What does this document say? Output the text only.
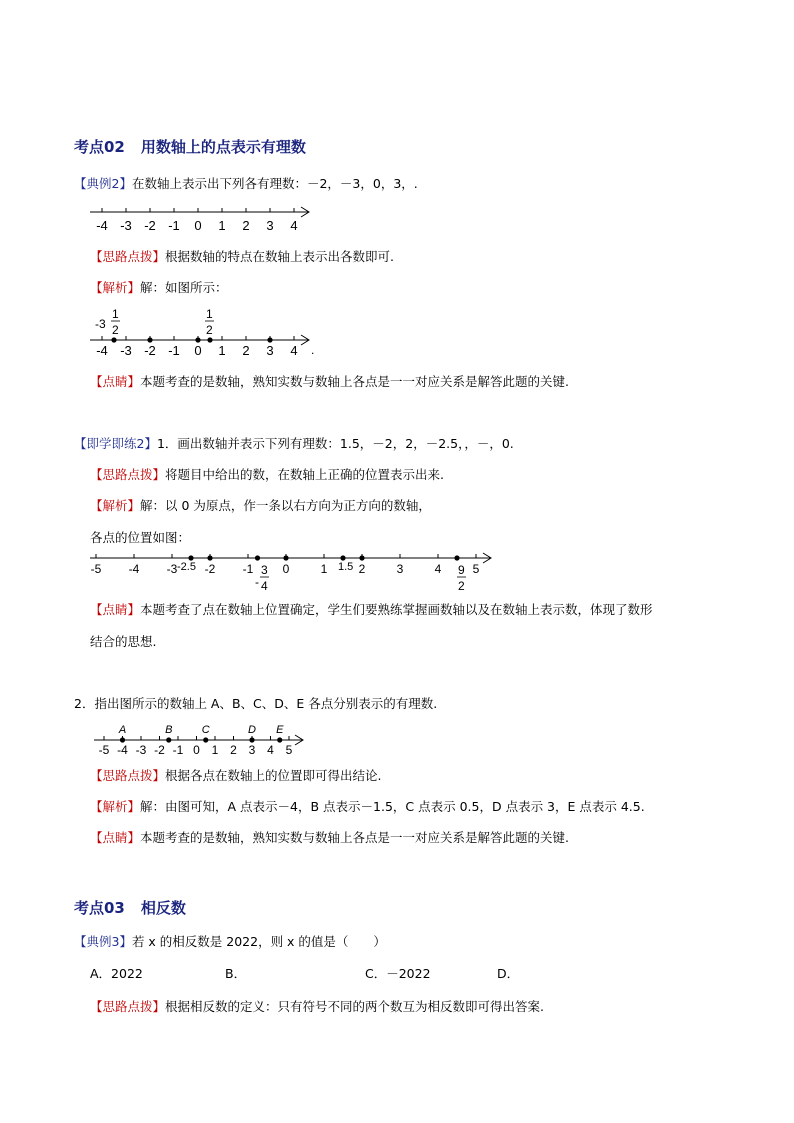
考点02 用数轴上的点表示有理数
【典例2】在数轴上表示出下列各有理数：－2，－3，0，3，.
-4 -3 -2 -1 0 1 2 3 4
【思路点拨】根据数轴的特点在数轴上表示出各数即可.
【解析】解：如图所示：
-4 -3 -2 -1 0 1 2 3 4
-3
1
2
1
2
.
【点睛】本题考查的是数轴，熟知实数与数轴上各点是一一对应关系是解答此题的关键.
【即学即练2】1．画出数轴并表示下列有理数：1.5，－2，2，－2.5，，－，0.
【思路点拨】将题目中给出的数，在数轴上正确的位置表示出来.
【解析】解：以 0 为原点，作一条以右方向为正方向的数轴，
各点的位置如图：
-5 -4 -3 -2 -1 0	1	2	3	4	5
-2.5	1.5
-
3
4
9
2
【点睛】本题考查了点在数轴上位置确定，学生们要熟练掌握画数轴以及在数轴上表示数，体现了数形
结合的思想.
2．指出图所示的数轴上 A、B、C、D、E 各点分别表示的有理数.
-5 -4 -3 -2 -1 0 1 2 3 4 5
A	B	C	D E
【思路点拨】根据各点在数轴上的位置即可得出结论.
【解析】解：由图可知，A 点表示－4，B 点表示－1.5，C 点表示 0.5，D 点表示 3，E 点表示 4.5.
【点睛】本题考查的是数轴，熟知实数与数轴上各点是一一对应关系是解答此题的关键.
考点03 相反数
【典例3】若 x 的相反数是 2022，则 x 的值是（　　）
A．2022	B．	C．－2022	D．
【思路点拨】根据相反数的定义：只有符号不同的两个数互为相反数即可得出答案.
